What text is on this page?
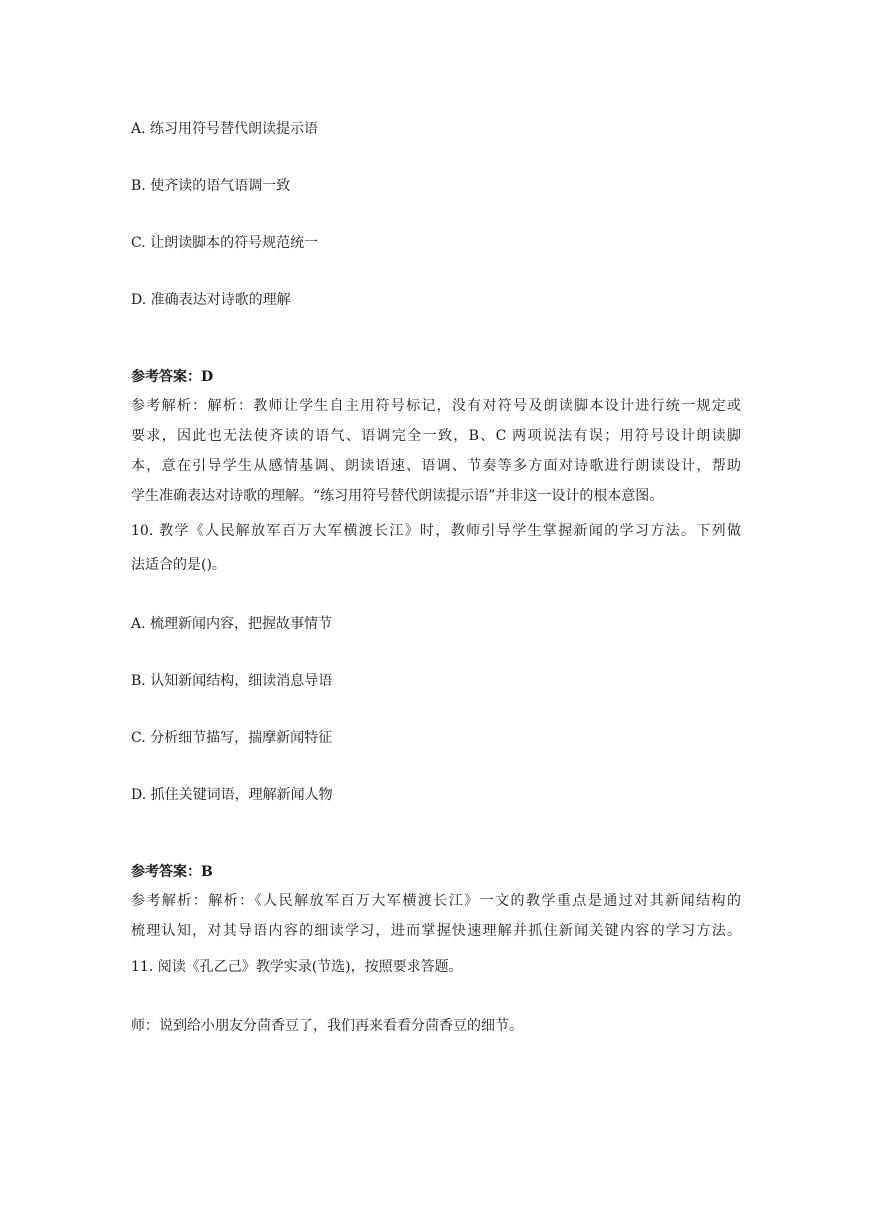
A. 练习用符号替代朗读提示语
B. 使齐读的语气语调一致
C. 让朗读脚本的符号规范统一
D. 准确表达对诗歌的理解
参考答案：D
参考解析：解析：教师让学生自主用符号标记，没有对符号及朗读脚本设计进行统一规定或
要求，因此也无法使齐读的语气、语调完全一致，B、C 两项说法有误；用符号设计朗读脚
本，意在引导学生从感情基调、朗读语速、语调、节奏等多方面对诗歌进行朗读设计，帮助
学生准确表达对诗歌的理解。“练习用符号替代朗读提示语”并非这一设计的根本意图。
10. 教学《人民解放军百万大军横渡长江》时，教师引导学生掌握新闻的学习方法。下列做
法适合的是()。
A. 梳理新闻内容，把握故事情节
B. 认知新闻结构，细读消息导语
C. 分析细节描写，揣摩新闻特征
D. 抓住关键词语，理解新闻人物
参考答案：B
参考解析：解析：《人民解放军百万大军横渡长江》一文的教学重点是通过对其新闻结构的
梳理认知，对其导语内容的细读学习，进而掌握快速理解并抓住新闻关键内容的学习方法。
11. 阅读《孔乙己》教学实录(节选)，按照要求答题。
师：说到给小朋友分茴香豆了，我们再来看看分茴香豆的细节。
